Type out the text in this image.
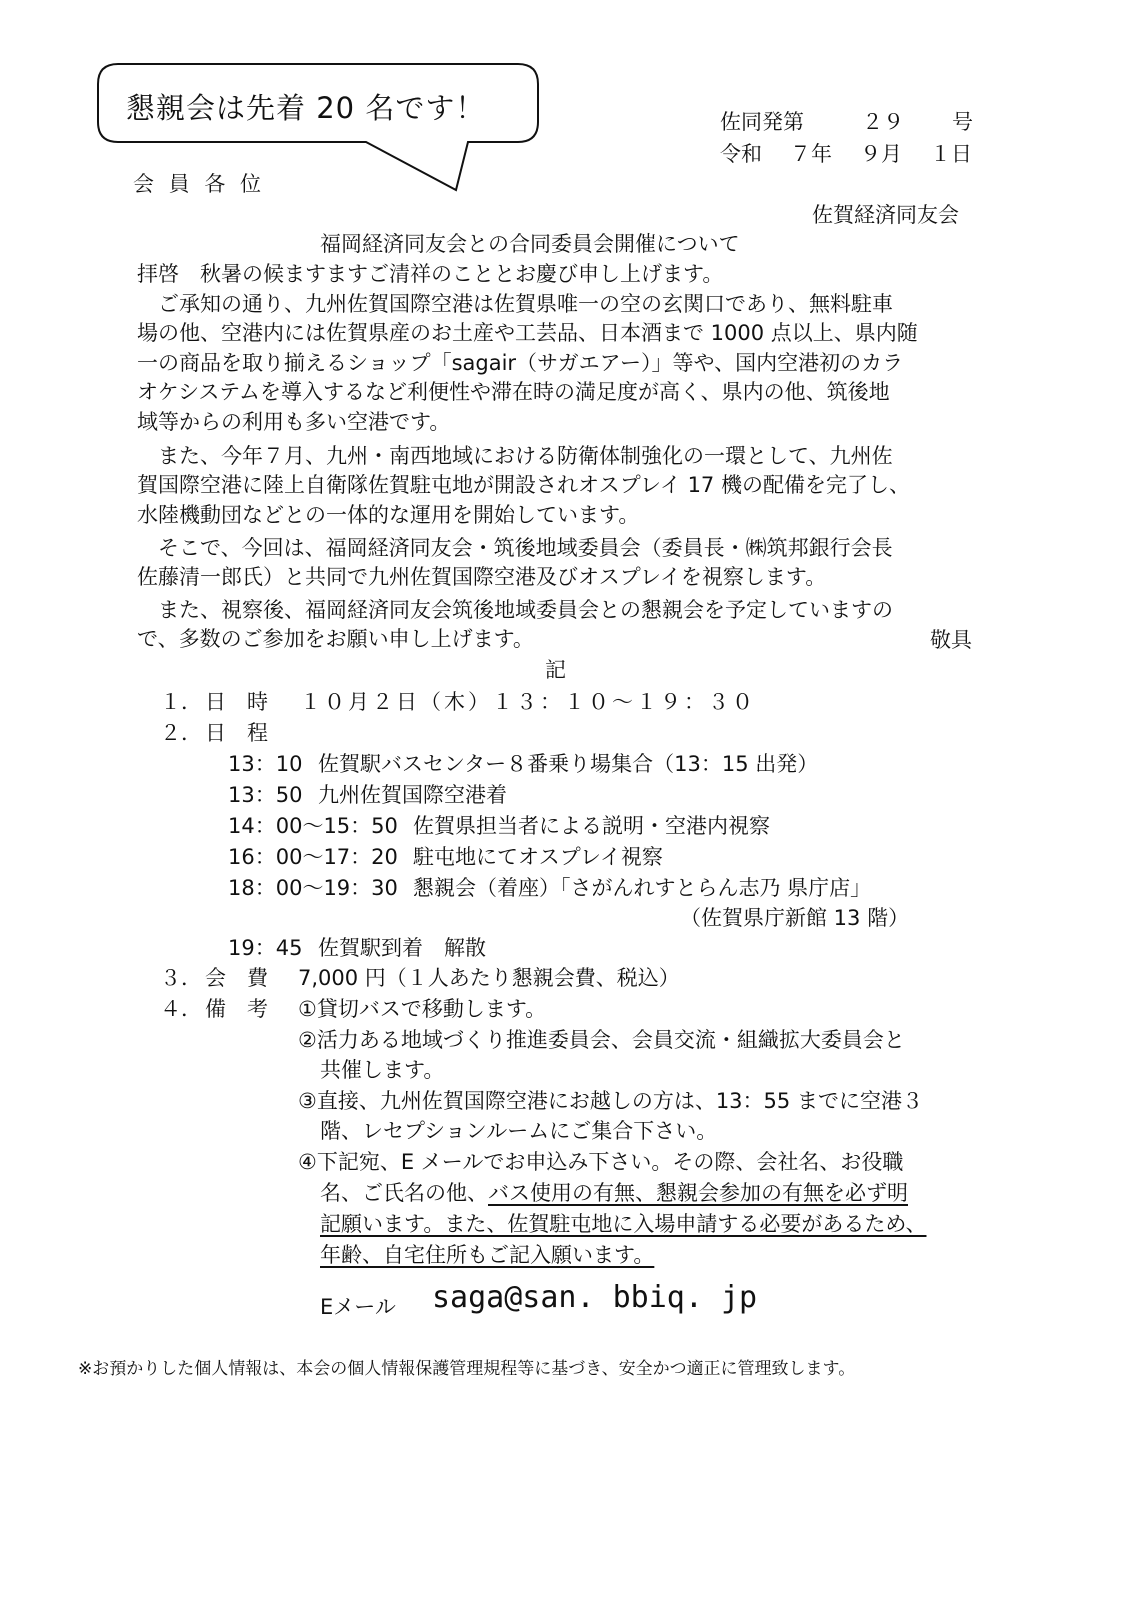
懇親会は先着 20 名です！	佐同発第	２９ 号
令和 ７年 ９月 １日
会 員 各 位
佐賀経済同友会
福岡経済同友会との合同委員会開催について
拝啓　秋暑の候ますますご清祥のこととお慶び申し上げます。
　ご承知の通り、九州佐賀国際空港は佐賀県唯一の空の玄関口であり、無料駐車
場の他、空港内には佐賀県産のお土産や工芸品、日本酒まで 1000 点以上、県内随
一の商品を取り揃えるショップ「sagair（サガエアー）」等や、国内空港初のカラ
オケシステムを導入するなど利便性や滞在時の満足度が高く、県内の他、筑後地
域等からの利用も多い空港です。
　また、今年７月、九州・南西地域における防衛体制強化の一環として、九州佐
賀国際空港に陸上自衛隊佐賀駐屯地が開設されオスプレイ 17 機の配備を完了し、
水陸機動団などとの一体的な運用を開始しています。
　そこで、今回は、福岡経済同友会・筑後地域委員会（委員長・㈱筑邦銀行会長
佐藤清一郎氏）と共同で九州佐賀国際空港及びオスプレイを視察します。
　また、視察後、福岡経済同友会筑後地域委員会との懇親会を予定していますの
で、多数のご参加をお願い申し上げます。	敬具
記
１． 日　時 １０月２日（木）１３：１０～１９：３０
２． 日　程
13：10 佐賀駅バスセンター８番乗り場集合（13：15 出発）
13：50 九州佐賀国際空港着
14：00～15：50 佐賀県担当者による説明・空港内視察
16：00～17：20 駐屯地にてオスプレイ視察
18：00～19：30 懇親会（着座）「さがんれすとらん志乃 県庁店」
（佐賀県庁新館 13 階）
19：45 佐賀駅到着　解散
３． 会　費 7,000 円（１人あたり懇親会費、税込）
４． 備　考 ①貸切バスで移動します。
②活力ある地域づくり推進委員会、会員交流・組織拡大委員会と
共催します。
③直接、九州佐賀国際空港にお越しの方は、13：55 までに空港３
階、レセプションルームにご集合下さい。
④下記宛、E メールでお申込み下さい。その際、会社名、お役職
名、ご氏名の他、バス使用の有無、懇親会参加の有無を必ず明
記願います。また、佐賀駐屯地に入場申請する必要があるため、
年齢、自宅住所もご記入願います。
Eメール saga@san. bbiq. jp
※お預かりした個人情報は、本会の個人情報保護管理規程等に基づき、安全かつ適正に管理致します。
